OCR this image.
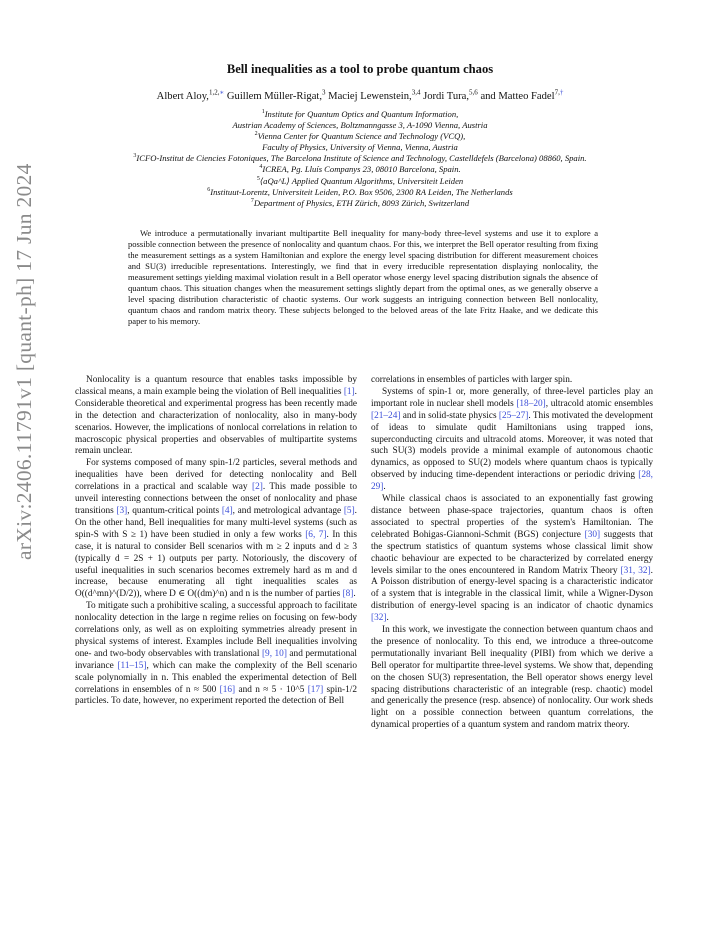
arXiv:2406.11791v1 [quant-ph] 17 Jun 2024
Bell inequalities as a tool to probe quantum chaos
Albert Aloy,$^{1,2,∗}$ Guillem Müller-Rigat,$^3$ Maciej Lewenstein,$^{3,4}$ Jordi Tura,$^{5,6}$ and Matteo Fadel$^{7,\dagger}$
$^1$Institute for Quantum Optics and Quantum Information,
Austrian Academy of Sciences, Boltzmanngasse 3, A-1090 Vienna, Austria
$^2$Vienna Center for Quantum Science and Technology (VCQ),
Faculty of Physics, University of Vienna, Vienna, Austria
$^3$ICFO-Institut de Ciencies Fotoniques, The Barcelona Institute of Science and Technology, Castelldefels (Barcelona) 08860, Spain.
$^4$ICREA, Pg. Lluís Companys 23, 08010 Barcelona, Spain.
$^5$⟨aQa^L⟩ Applied Quantum Algorithms, Universiteit Leiden
$^6$Instituut-Lorentz, Universiteit Leiden, P.O. Box 9506, 2300 RA Leiden, The Netherlands
$^7$Department of Physics, ETH Zürich, 8093 Zürich, Switzerland
We introduce a permutationally invariant multipartite Bell inequality for many-body three-level systems and use it to explore a possible connection between the presence of nonlocality and quantum chaos. For this, we interpret the Bell operator resulting from fixing the measurement settings as a system Hamiltonian and explore the energy level spacing distribution for different measurement choices and SU(3) irreducible representations. Interestingly, we find that in every irreducible representation displaying nonlocality, the measurement settings yielding maximal violation result in a Bell operator whose energy level spacing distribution signals the absence of quantum chaos. This situation changes when the measurement settings slightly depart from the optimal ones, as we generally observe a level spacing distribution characteristic of chaotic systems. Our work suggests an intriguing connection between Bell nonlocality, quantum chaos and random matrix theory. These subjects belonged to the beloved areas of the late Fritz Haake, and we dedicate this paper to his memory.

Nonlocality is a quantum resource that enables tasks impossible by classical means, a main example being the violation of Bell inequalities [1]. Considerable theoretical and experimental progress has been recently made in the detection and characterization of nonlocality, also in many-body scenarios. However, the implications of nonlocal correlations in relation to macroscopic physical properties and observables of multipartite systems remain unclear.

For systems composed of many spin-1/2 particles, several methods and inequalities have been derived for detecting nonlocality and Bell correlations in a practical and scalable way [2]. This made possible to unveil interesting connections between the onset of nonlocality and phase transitions [3], quantum-critical points [4], and metrological advantage [5]. On the other hand, Bell inequalities for many multi-level systems (such as spin-S with S ≥ 1) have been studied in only a few works [6, 7]. In this case, it is natural to consider Bell scenarios with m ≥ 2 inputs and d ≥ 3 (typically d = 2S + 1) outputs per party. Notoriously, the discovery of useful inequalities in such scenarios becomes extremely hard as m and d increase, because enumerating all tight inequalities scales as O((d^mn)^(D/2)), where D ∈ O((dm)^n) and n is the number of parties [8].

To mitigate such a prohibitive scaling, a successful approach to facilitate nonlocality detection in the large n regime relies on focusing on few-body correlations only, as well as on exploiting symmetries already present in physical systems of interest. Examples include Bell inequalities involving one- and two-body observables with translational [9, 10] and permutational invariance [11–15], which can make the complexity of the Bell scenario scale polynomially in n. This enabled the experimental detection of Bell correlations in ensembles of n ≈ 500 [16] and n ≈ 5 · 10^5 [17] spin-1/2 particles. To date, however, no experiment reported the detection of Bell

correlations in ensembles of particles with larger spin.

Systems of spin-1 or, more generally, of three-level particles play an important role in nuclear shell models [18–20], ultracold atomic ensembles [21–24] and in solid-state physics [25–27]. This motivated the development of ideas to simulate qudit Hamiltonians using trapped ions, superconducting circuits and ultracold atoms. Moreover, it was noted that such SU(3) models provide a minimal example of autonomous chaotic dynamics, as opposed to SU(2) models where quantum chaos is typically observed by inducing time-dependent interactions or periodic driving [28, 29].

While classical chaos is associated to an exponentially fast growing distance between phase-space trajectories, quantum chaos is often associated to spectral properties of the system's Hamiltonian. The celebrated Bohigas-Giannoni-Schmit (BGS) conjecture [30] suggests that the spectrum statistics of quantum systems whose classical limit show chaotic behaviour are expected to be characterized by correlated energy levels similar to the ones encountered in Random Matrix Theory [31, 32]. A Poisson distribution of energy-level spacing is a characteristic indicator of a system that is integrable in the classical limit, while a Wigner-Dyson distribution of energy-level spacing is an indicator of chaotic dynamics [32].

In this work, we investigate the connection between quantum chaos and the presence of nonlocality. To this end, we introduce a three-outcome permutationally invariant Bell inequality (PIBI) from which we derive a Bell operator for multipartite three-level systems. We show that, depending on the chosen SU(3) representation, the Bell operator shows energy level spacing distributions characteristic of an integrable (resp. chaotic) model and generically the presence (resp. absence) of nonlocality. Our work sheds light on a possible connection between quantum correlations, the dynamical properties of a quantum system and random matrix theory.
